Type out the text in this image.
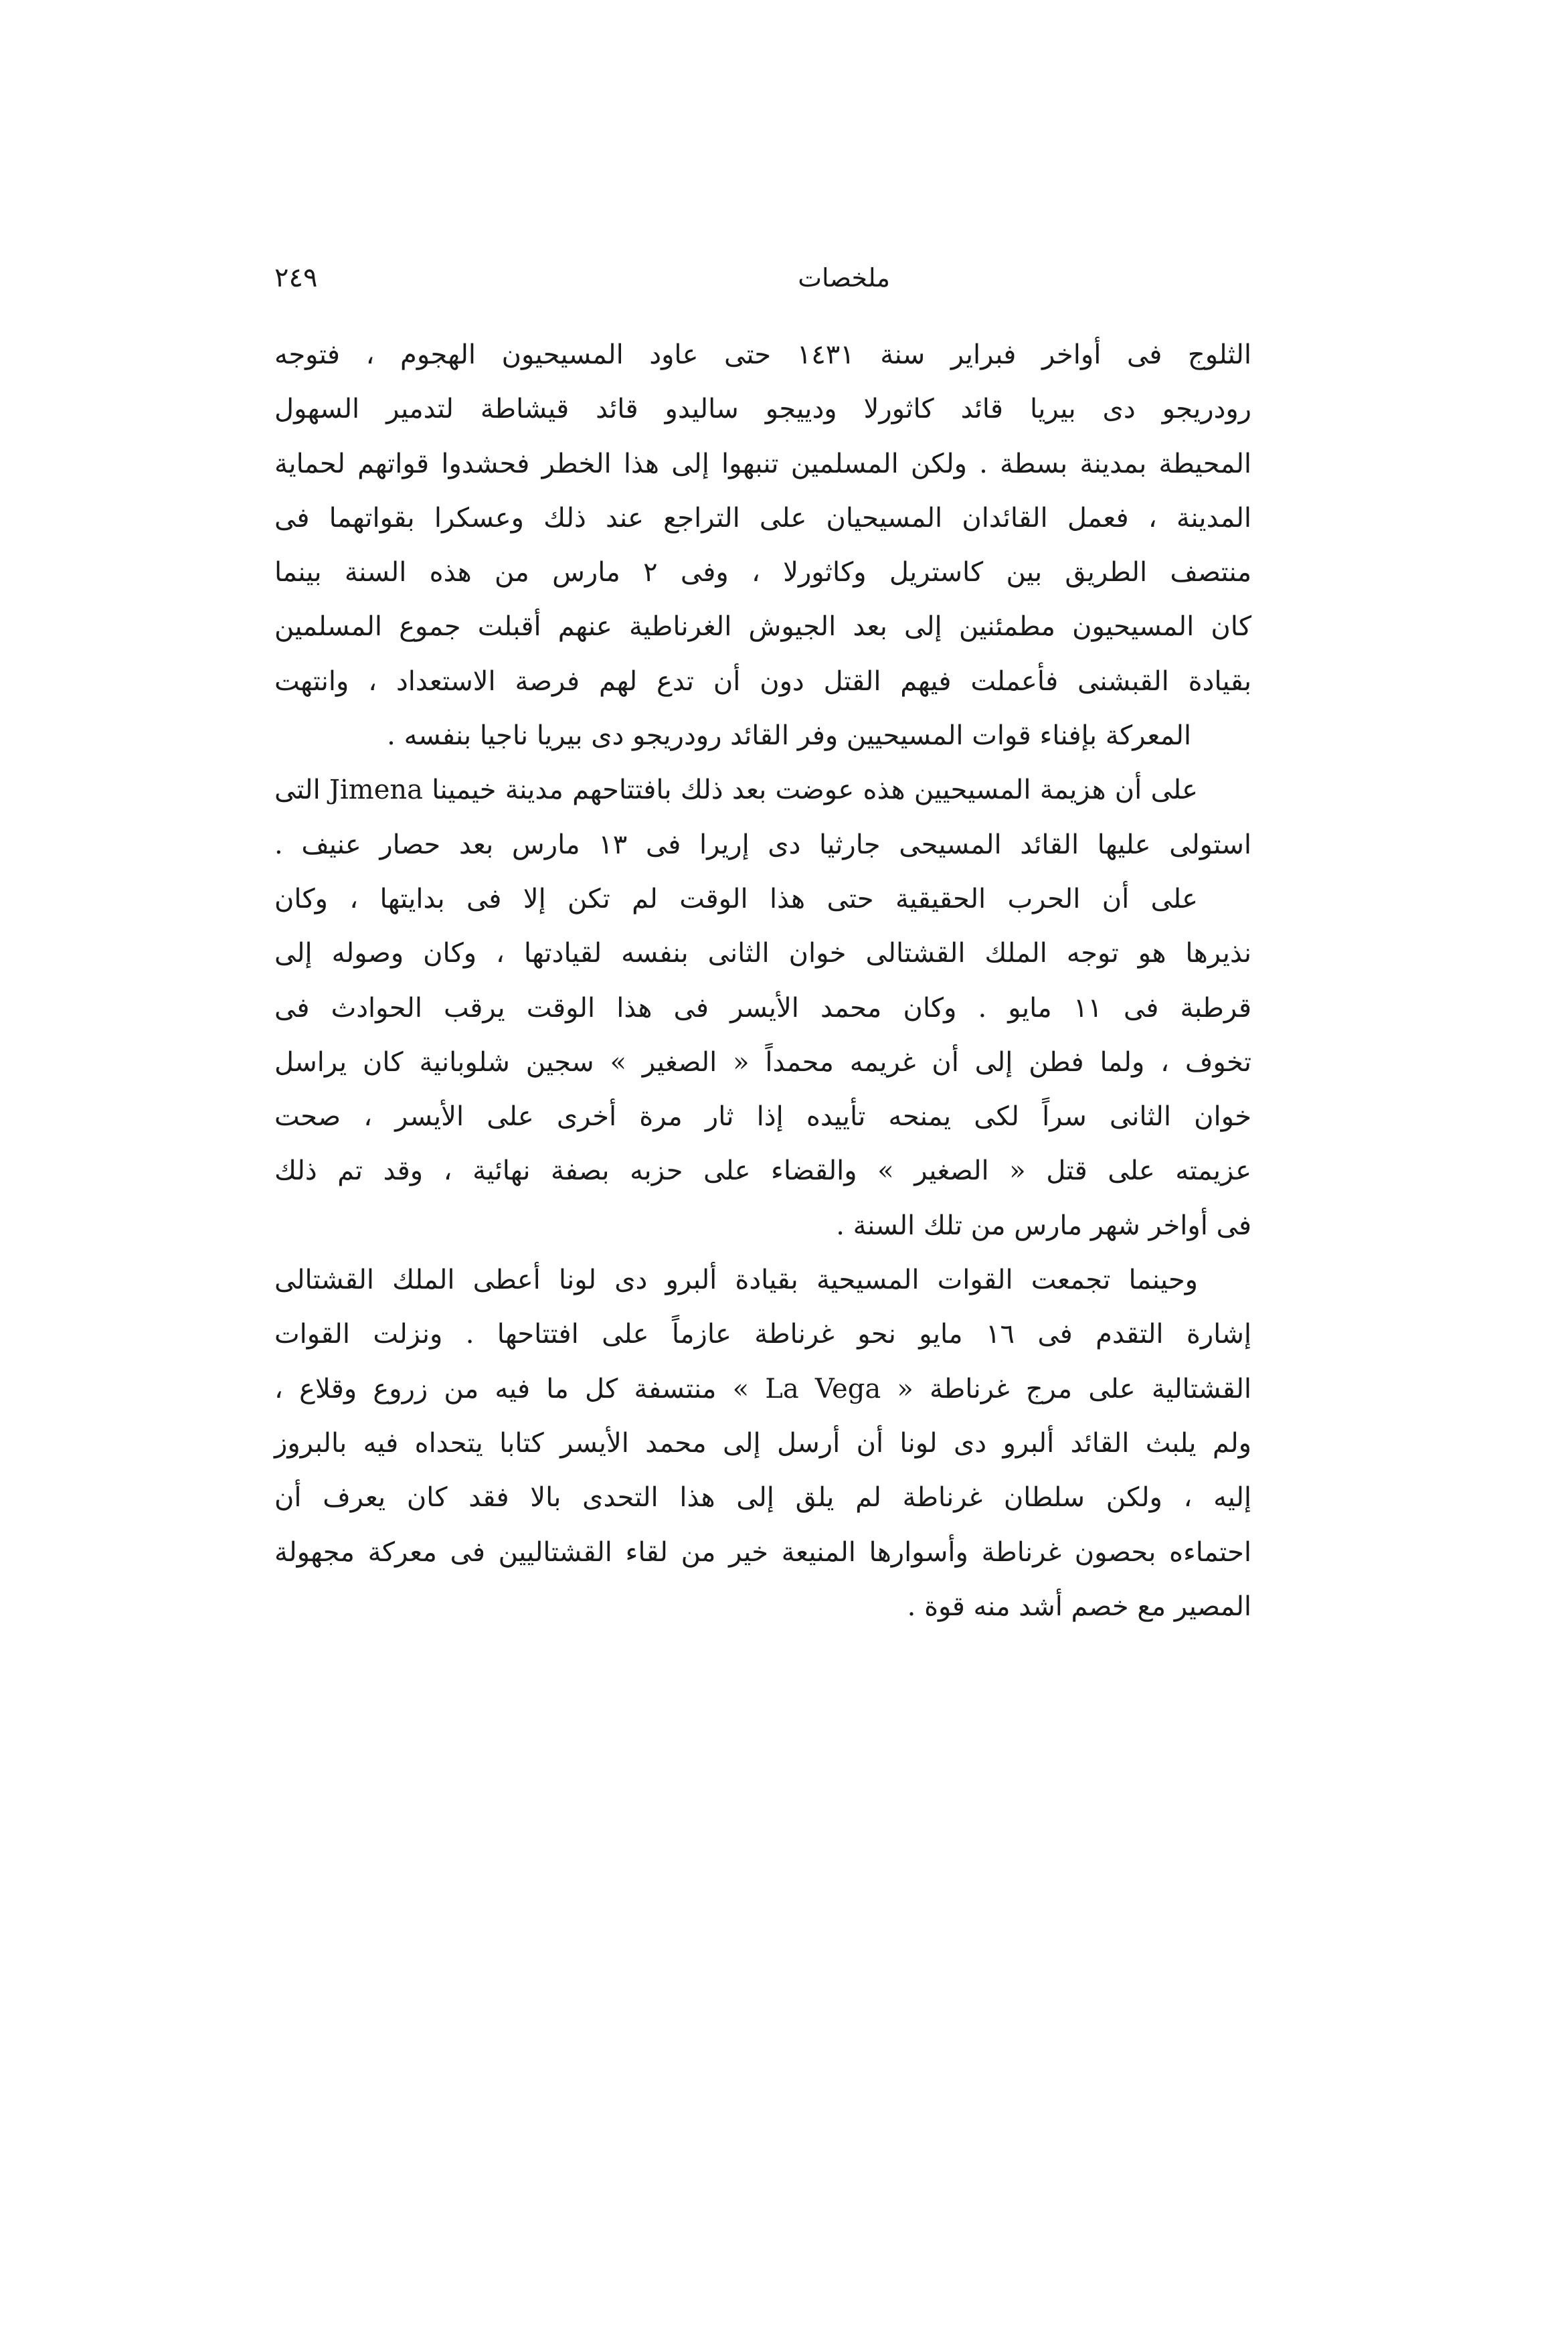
ملخصات
٢٤٩

الثلوج فى أواخر فبراير سنة ١٤٣١ حتى عاود المسيحيون الهجوم ، فتوجه
رودريجو دى بيريا قائد كاثورلا ودييجو ساليدو قائد قيشاطة لتدمير السهول
المحيطة بمدينة بسطة . ولكن المسلمين تنبهوا إلى هذا الخطر فحشدوا قواتهم لحماية
المدينة ، فعمل القائدان المسيحيان على التراجع عند ذلك وعسكرا بقواتهما فى
منتصف الطريق بين كاستريل وكاثورلا ، وفى ٢ مارس من هذه السنة بينما
كان المسيحيون مطمئنين إلى بعد الجيوش الغرناطية عنهم أقبلت جموع المسلمين
بقيادة القبشنى فأعملت فيهم القتل دون أن تدع لهم فرصة الاستعداد ، وانتهت
المعركة بإفناء قوات المسيحيين وفر القائد رودريجو دى بيريا ناجيا بنفسه .

على أن هزيمة المسيحيين هذه عوضت بعد ذلك بافتتاحهم مدينة خيمينا Jimena التى
استولى عليها القائد المسيحى جارثيا دى إريرا فى ١٣ مارس بعد حصار عنيف .

على أن الحرب الحقيقية حتى هذا الوقت لم تكن إلا فى بدايتها ، وكان
نذيرها هو توجه الملك القشتالى خوان الثانى بنفسه لقيادتها ، وكان وصوله إلى
قرطبة فى ١١ مايو . وكان محمد الأيسر فى هذا الوقت يرقب الحوادث فى
تخوف ، ولما فطن إلى أن غريمه محمداً « الصغير » سجين شلوبانية كان يراسل
خوان الثانى سراً لكى يمنحه تأييده إذا ثار مرة أخرى على الأيسر ، صحت
عزيمته على قتل « الصغير » والقضاء على حزبه بصفة نهائية ، وقد تم ذلك
فى أواخر شهر مارس من تلك السنة .

وحينما تجمعت القوات المسيحية بقيادة ألبرو دى لونا أعطى الملك القشتالى
إشارة التقدم فى ١٦ مايو نحو غرناطة عازماً على افتتاحها . ونزلت القوات
القشتالية على مرج غرناطة « La Vega » منتسفة كل ما فيه من زروع وقلاع ،
ولم يلبث القائد ألبرو دى لونا أن أرسل إلى محمد الأيسر كتابا يتحداه فيه بالبروز
إليه ، ولكن سلطان غرناطة لم يلق إلى هذا التحدى بالا فقد كان يعرف أن
احتماءه بحصون غرناطة وأسوارها المنيعة خير من لقاء القشتاليين فى معركة مجهولة
المصير مع خصم أشد منه قوة .
